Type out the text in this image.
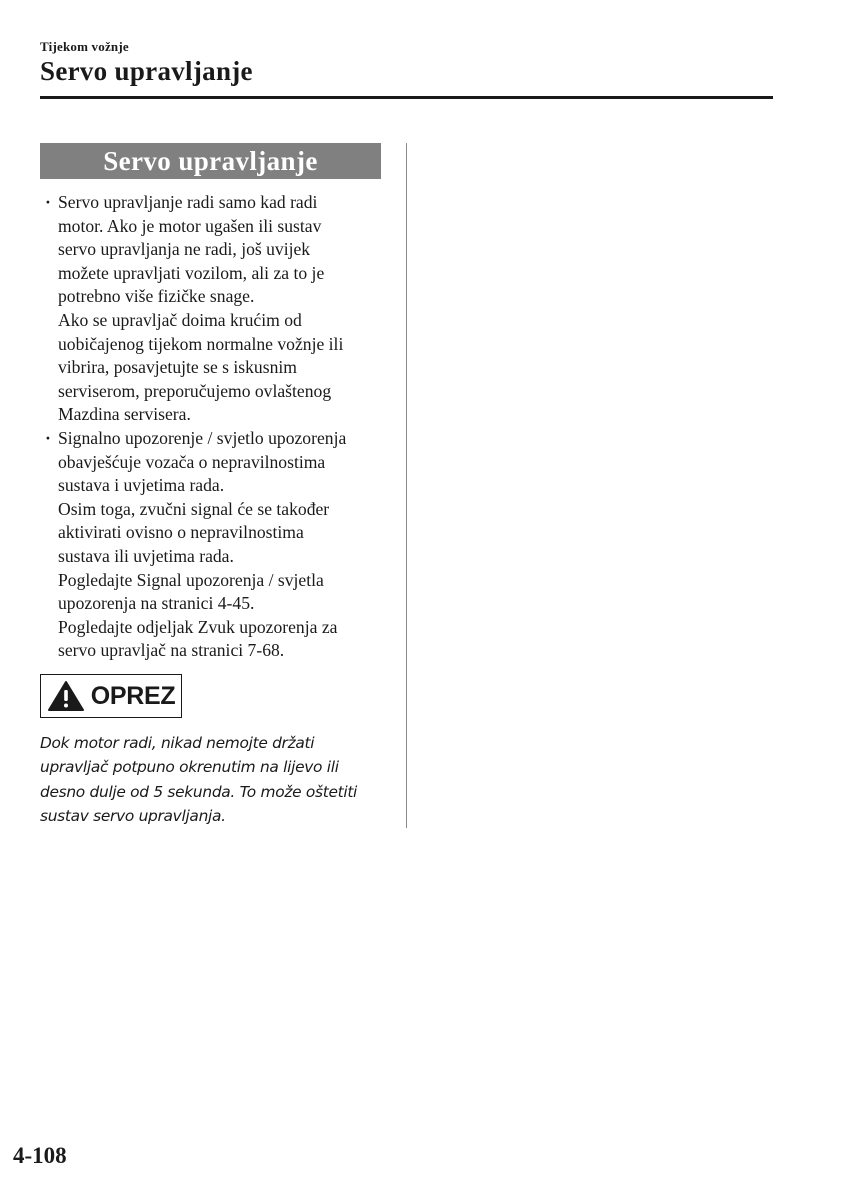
Tijekom vožnje
Servo upravljanje
Servo upravljanje
· Servo upravljanje radi samo kad radi
motor. Ako je motor ugašen ili sustav
servo upravljanja ne radi, još uvijek
možete upravljati vozilom, ali za to je
potrebno više fizičke snage.

Ako se upravljač doima krućim od
uobičajenog tijekom normalne vožnje ili
vibrira, posavjetujte se s iskusnim
serviserom, preporučujemo ovlaštenog
Mazdina servisera.

· Signalno upozorenje / svjetlo upozorenja
obavješćuje vozača o nepravilnostima
sustava i uvjetima rada.

Osim toga, zvučni signal će se također
aktivirati ovisno o nepravilnostima
sustava ili uvjetima rada.

Pogledajte Signal upozorenja / svjetla
upozorenja na stranici 4-45.

Pogledajte odjeljak Zvuk upozorenja za
servo upravljač na stranici 7-68.

OPREZ
Dok motor radi, nikad nemojte držati
upravljač potpuno okrenutim na lijevo ili
desno dulje od 5 sekunda. To može oštetiti
sustav servo upravljanja.
4-108
